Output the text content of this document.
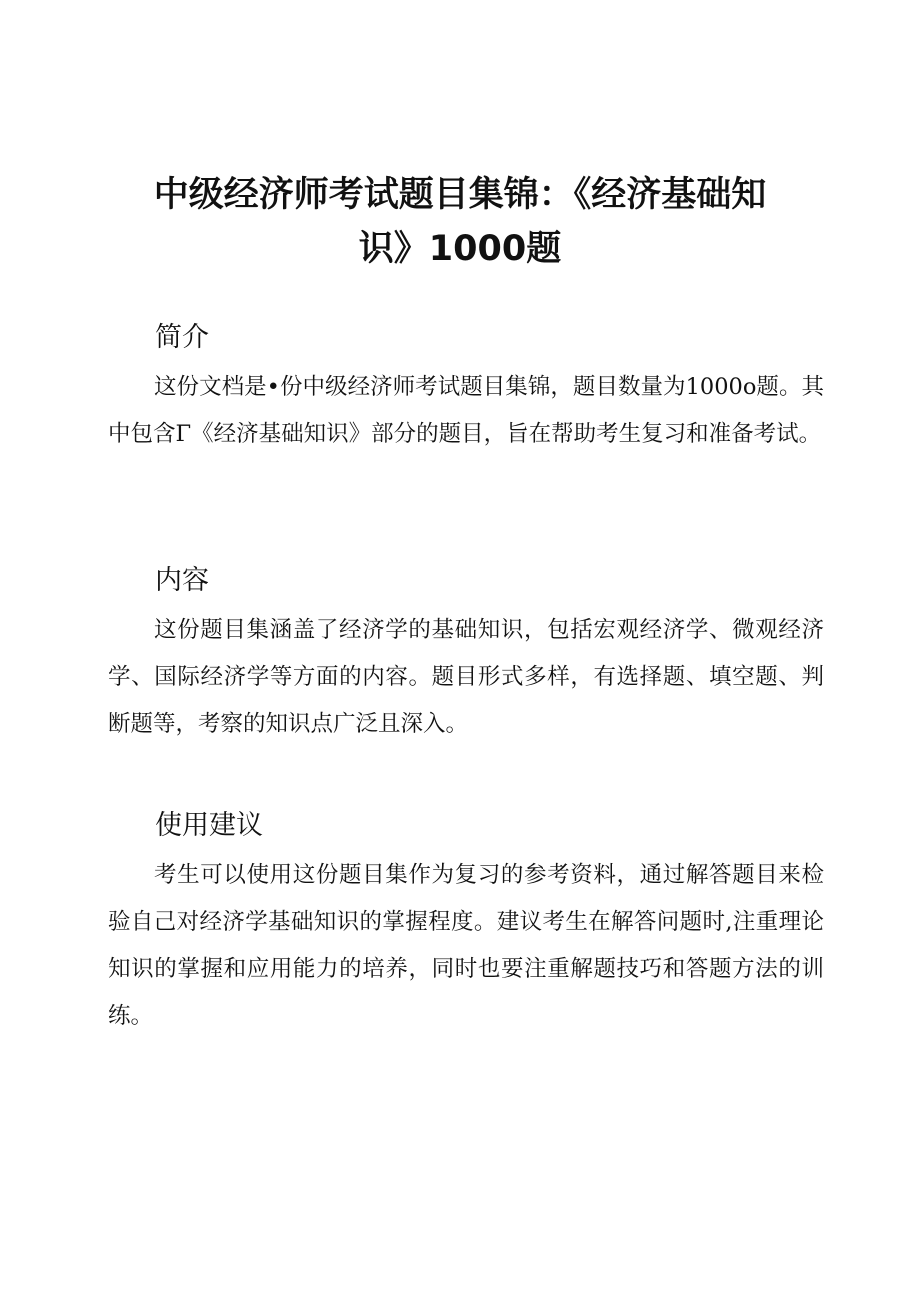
中级经济师考试题目集锦：《经济基础知
识》1000题
简介

这份文档是•份中级经济师考试题目集锦，题目数量为1000o题。其中包含Γ《经济基础知识》部分的题目，旨在帮助考生复习和准备考试。

内容

这份题目集涵盖了经济学的基础知识，包括宏观经济学、微观经济学、国际经济学等方面的内容。题目形式多样，有选择题、填空题、判断题等，考察的知识点广泛且深入。

使用建议

考生可以使用这份题目集作为复习的参考资料，通过解答题目来检验自己对经济学基础知识的掌握程度。建议考生在解答问题时,注重理论知识的掌握和应用能力的培养，同时也要注重解题技巧和答题方法的训练。
